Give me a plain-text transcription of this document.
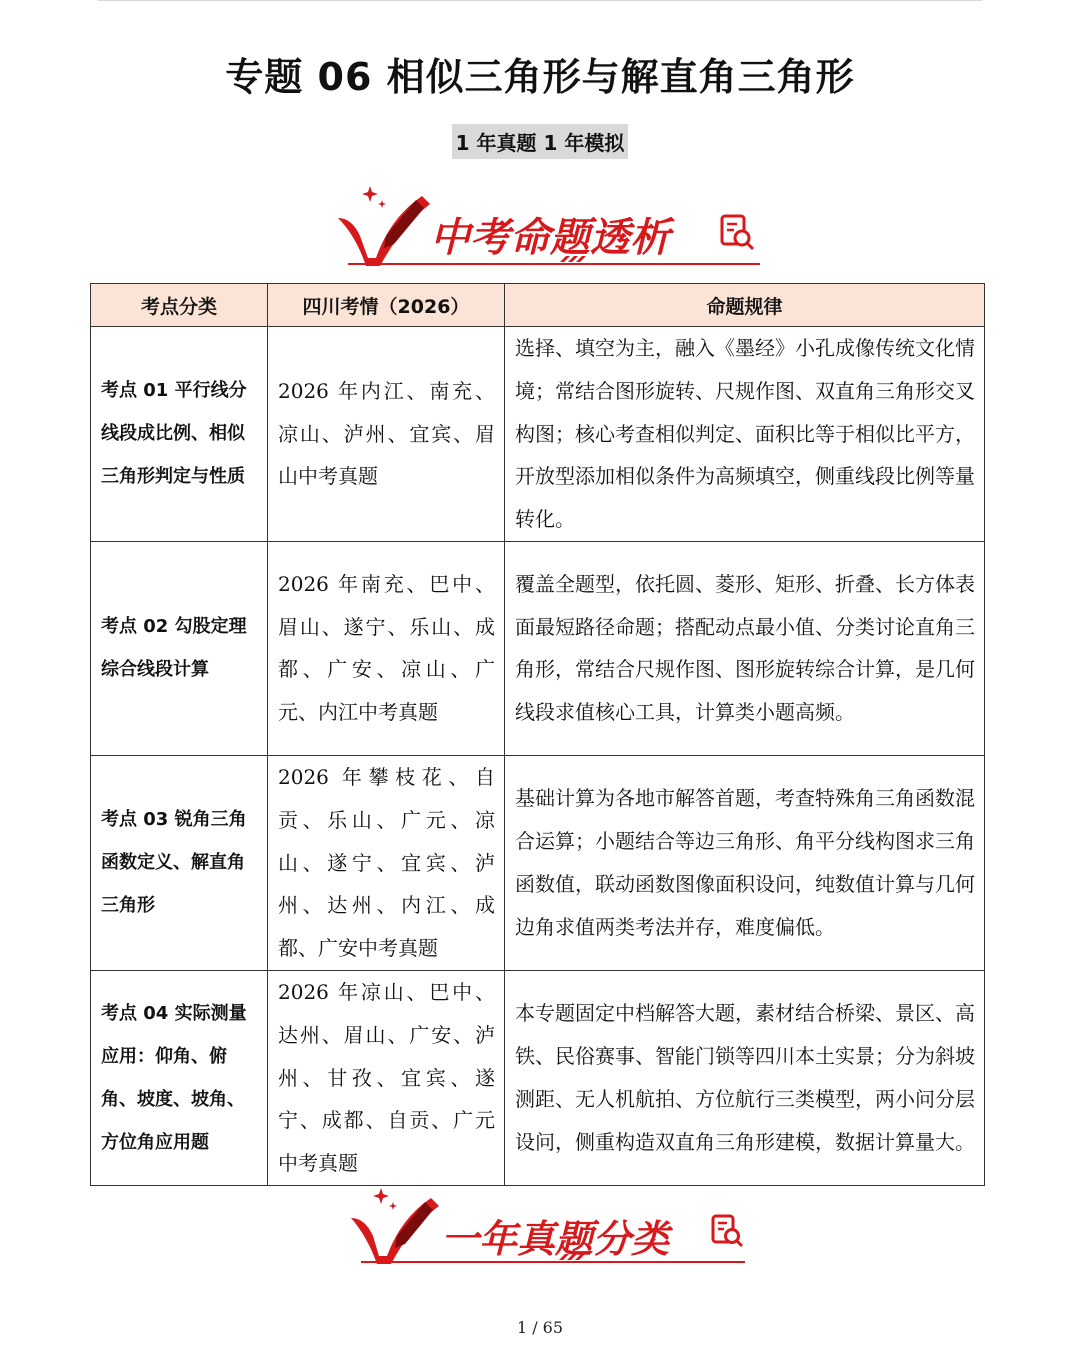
专题 06 相似三角形与解直角三角形
1 年真题 1 年模拟
中考命题透析
考点分类	四川考情（2026）	命题规律
考点 01 平行线分线段成比例、相似三角形判定与性质	2026 年内江、南充、凉山、泸州、宜宾、眉山中考真题	选择、填空为主，融入《墨经》小孔成像传统文化情境；常结合图形旋转、尺规作图、双直角三角形交叉构图；核心考查相似判定、面积比等于相似比平方，开放型添加相似条件为高频填空，侧重线段比例等量转化。
考点 02 勾股定理综合线段计算	2026 年南充、巴中、眉山、遂宁、乐山、成都、广安、凉山、广元、内江中考真题	覆盖全题型，依托圆、菱形、矩形、折叠、长方体表面最短路径命题；搭配动点最小值、分类讨论直角三角形，常结合尺规作图、图形旋转综合计算，是几何线段求值核心工具，计算类小题高频。
考点 03 锐角三角函数定义、解直角三角形	2026 年攀枝花、自贡、乐山、广元、凉山、遂宁、宜宾、泸州、达州、内江、成都、广安中考真题	基础计算为各地市解答首题，考查特殊角三角函数混合运算；小题结合等边三角形、角平分线构图求三角函数值，联动函数图像面积设问，纯数值计算与几何边角求值两类考法并存，难度偏低。
考点 04 实际测量应用：仰角、俯角、坡度、坡角、方位角应用题	2026 年凉山、巴中、达州、眉山、广安、泸州、甘孜、宜宾、遂宁、成都、自贡、广元中考真题	本专题固定中档解答大题，素材结合桥梁、景区、高铁、民俗赛事、智能门锁等四川本土实景；分为斜坡测距、无人机航拍、方位航行三类模型，两小问分层设问，侧重构造双直角三角形建模，数据计算量大。
一年真题分类
1 / 65
